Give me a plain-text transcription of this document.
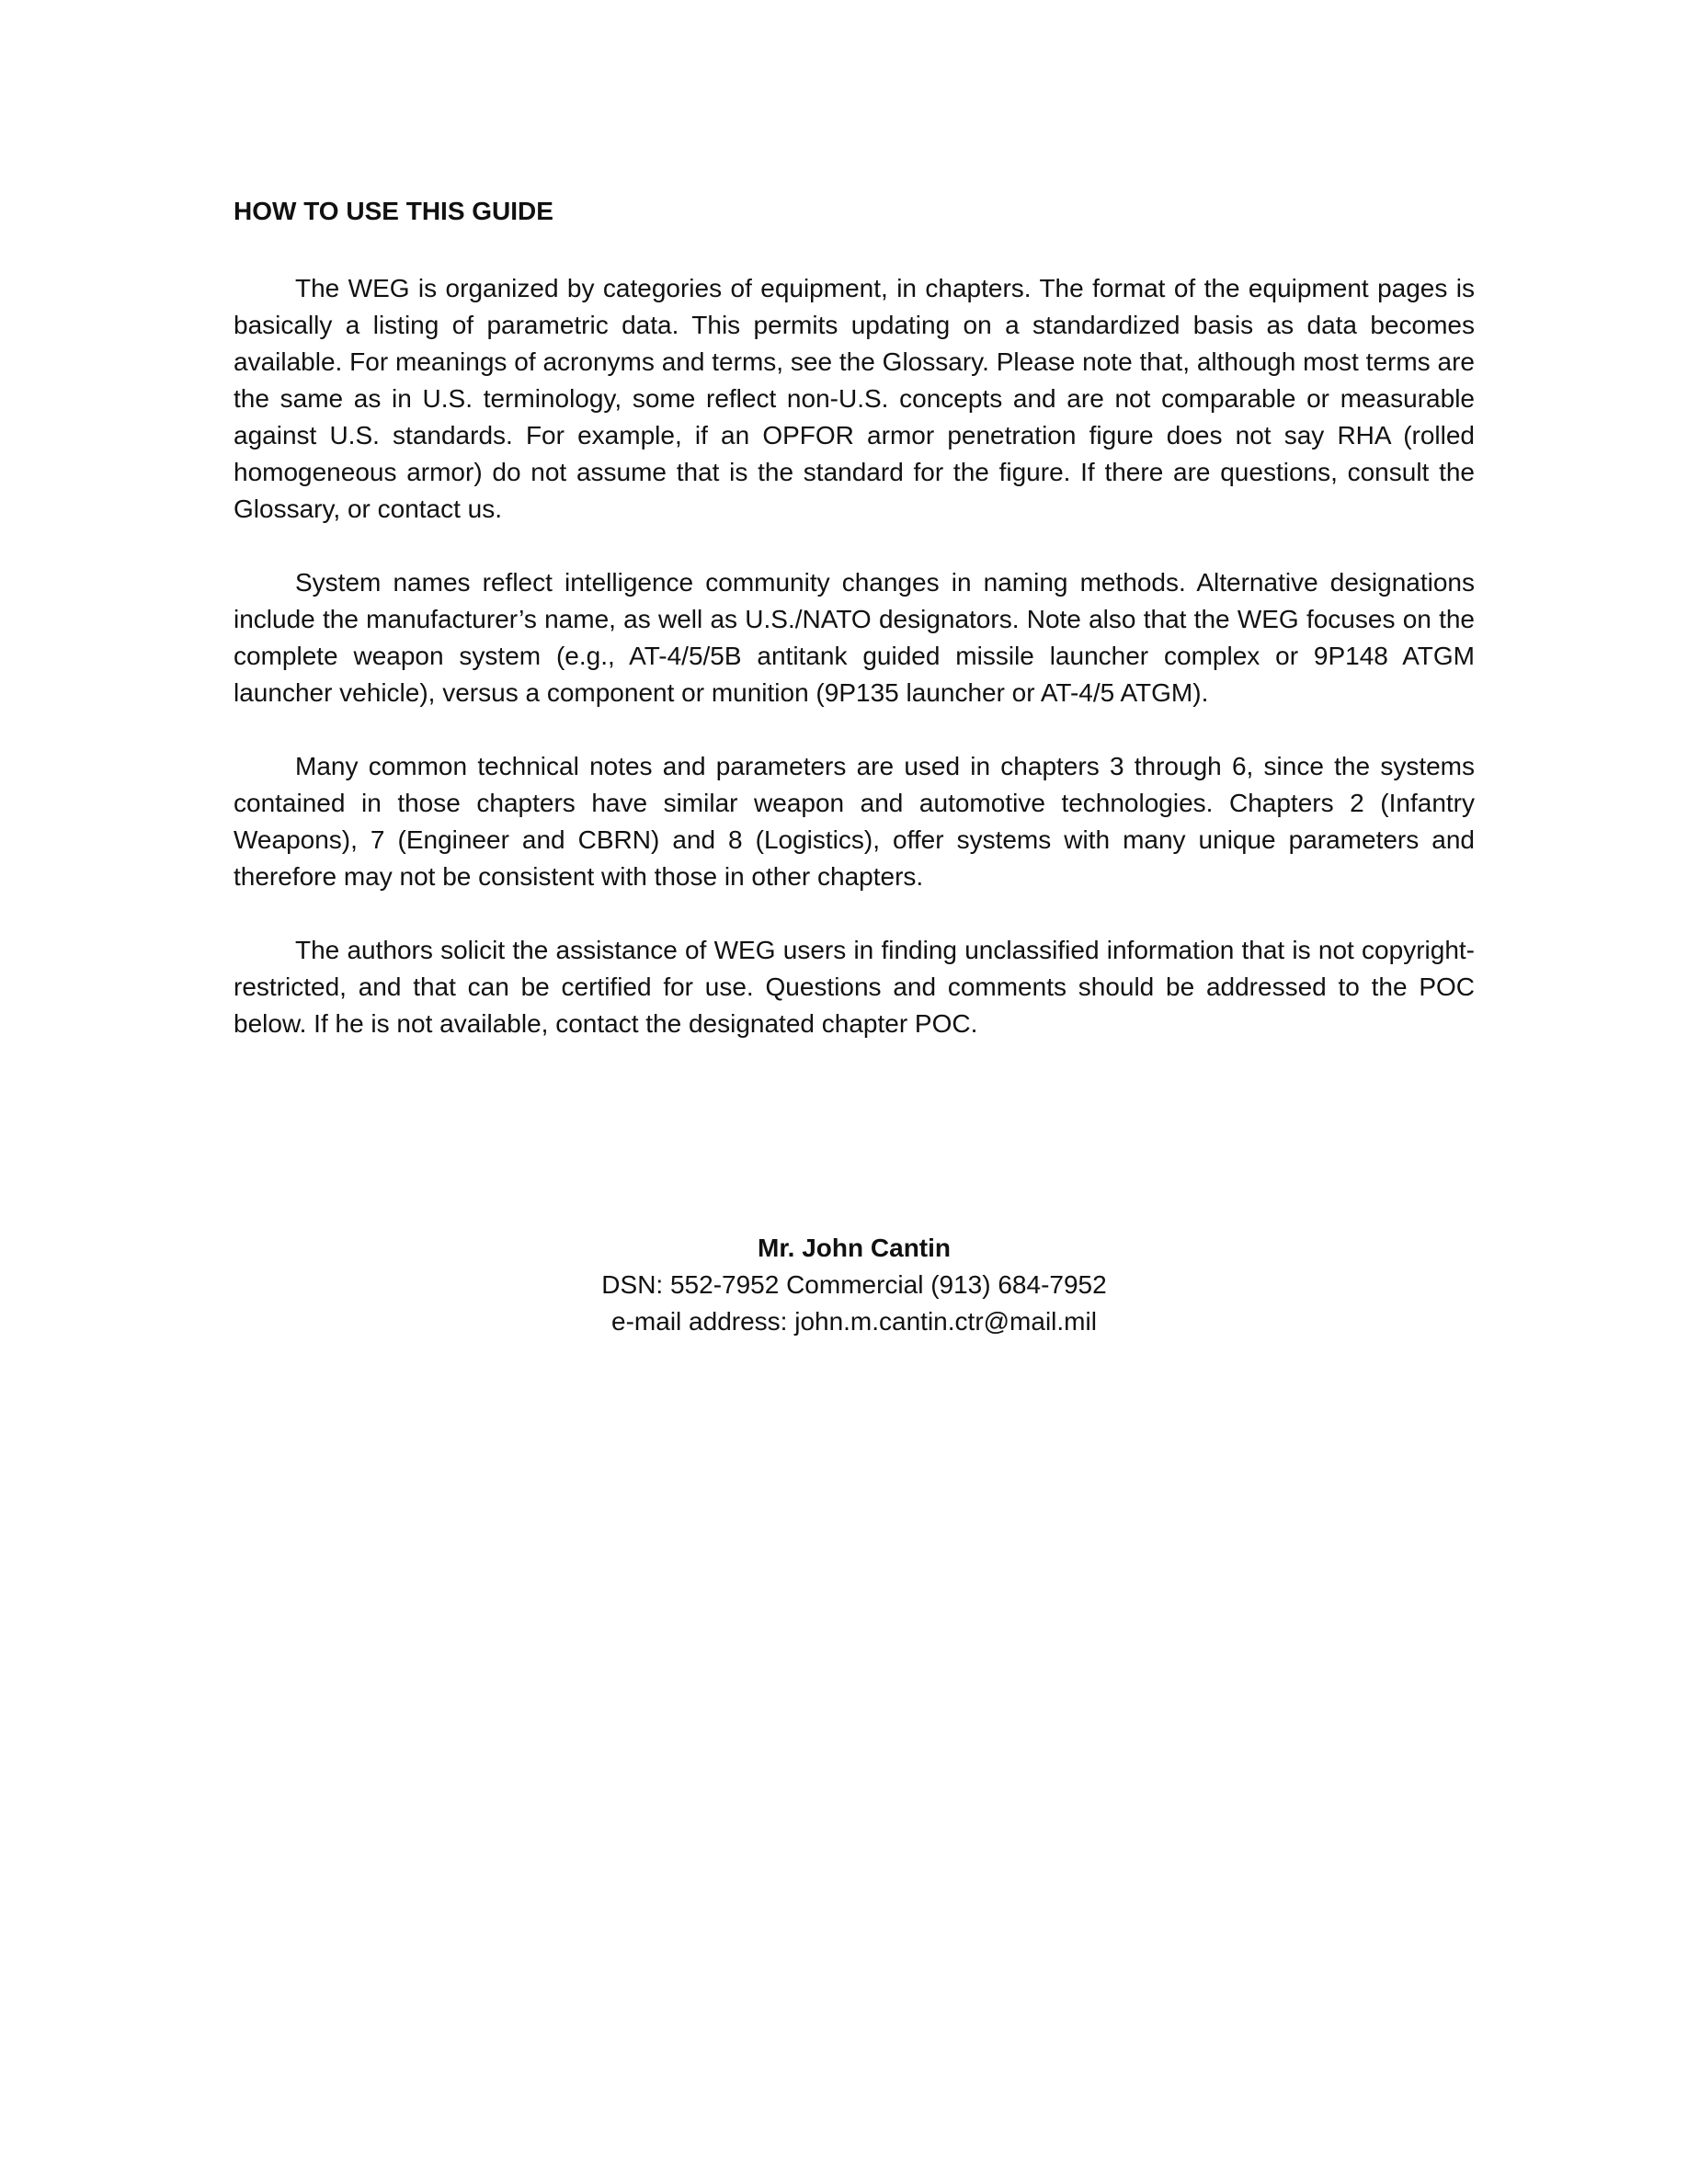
HOW TO USE THIS GUIDE

The WEG is organized by categories of equipment, in chapters. The format of the equipment pages is basically a listing of parametric data. This permits updating on a standardized basis as data becomes available. For meanings of acronyms and terms, see the Glossary. Please note that, although most terms are the same as in U.S. terminology, some reflect non-U.S. concepts and are not comparable or measurable against U.S. standards. For example, if an OPFOR armor penetration figure does not say RHA (rolled homogeneous armor) do not assume that is the standard for the figure. If there are questions, consult the Glossary, or contact us.

System names reflect intelligence community changes in naming methods. Alternative designations include the manufacturer’s name, as well as U.S./NATO designators. Note also that the WEG focuses on the complete weapon system (e.g., AT-4/5/5B antitank guided missile launcher complex or 9P148 ATGM launcher vehicle), versus a component or munition (9P135 launcher or AT-4/5 ATGM).

Many common technical notes and parameters are used in chapters 3 through 6, since the systems contained in those chapters have similar weapon and automotive technologies. Chapters 2 (Infantry Weapons), 7 (Engineer and CBRN) and 8 (Logistics), offer systems with many unique parameters and therefore may not be consistent with those in other chapters.

The authors solicit the assistance of WEG users in finding unclassified information that is not copyright-restricted, and that can be certified for use. Questions and comments should be addressed to the POC below. If he is not available, contact the designated chapter POC.

Mr. John Cantin
DSN: 552-7952 Commercial (913) 684-7952
e-mail address: john.m.cantin.ctr@mail.mil
